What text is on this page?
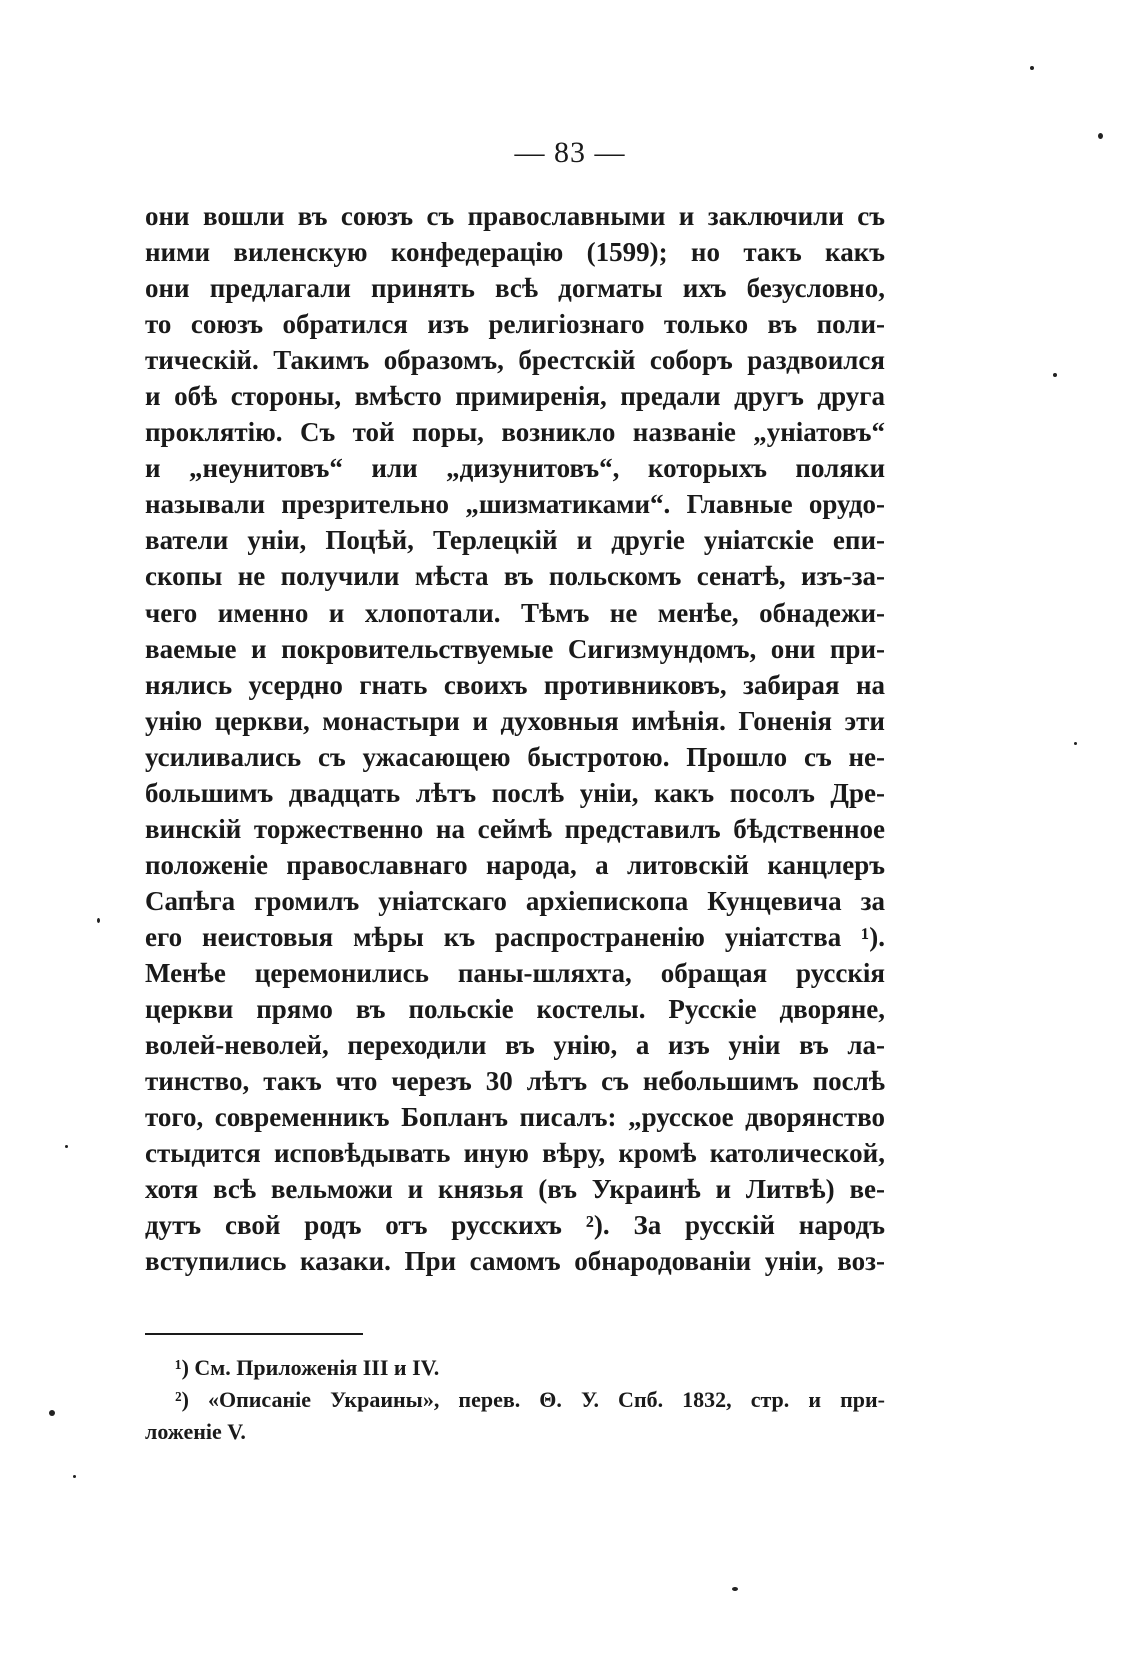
— 83 —
они вошли въ союзъ съ православными и заключили съ
ними виленскую конфедерацію (1599); но такъ какъ
они предлагали принять всѣ догматы ихъ безусловно,
то союзъ обратился изъ религіознаго только въ поли-
тическій. Такимъ образомъ, брестскій соборъ раздвоился
и обѣ стороны, вмѣсто примиренія, предали другъ друга
проклятію. Съ той поры, возникло названіе „уніатовъ“
и „неунитовъ“ или „дизунитовъ“, которыхъ поляки
называли презрительно „шизматиками“. Главные орудо-
ватели уніи, Поцѣй, Терлецкій и другіе уніатскіе епи-
скопы не получили мѣста въ польскомъ сенатѣ, изъ-за-
чего именно и хлопотали. Тѣмъ не менѣе, обнадежи-
ваемые и покровительствуемые Сигизмундомъ, они при-
нялись усердно гнать своихъ противниковъ, забирая на
унію церкви, монастыри и духовныя имѣнія. Гоненія эти
усиливались съ ужасающею быстротою. Прошло съ не-
большимъ двадцать лѣтъ послѣ уніи, какъ посолъ Дре-
винскій торжественно на сеймѣ представилъ бѣдственное
положеніе православнаго народа, а литовскій канцлеръ
Сапѣга громилъ уніатскаго архіепископа Кунцевича за
его неистовыя мѣры къ распространенію уніатства ¹).
Менѣе церемонились паны-шляхта, обращая русскія
церкви прямо въ польскіе костелы. Русскіе дворяне,
волей-неволей, переходили въ унію, а изъ уніи въ ла-
тинство, такъ что черезъ 30 лѣтъ съ небольшимъ послѣ
того, современникъ Бопланъ писалъ: „русское дворянство
стыдится исповѣдывать иную вѣру, кромѣ католической,
хотя всѣ вельможи и князья (въ Украинѣ и Литвѣ) ве-
дутъ свой родъ отъ русскихъ ²). За русскій народъ
вступились казаки. При самомъ обнародованіи уніи, воз-
¹) См. Приложенія III и IV.
²) «Описаніе Украины», перев. Θ. У. Спб. 1832, стр. и при-
ложеніе V.
